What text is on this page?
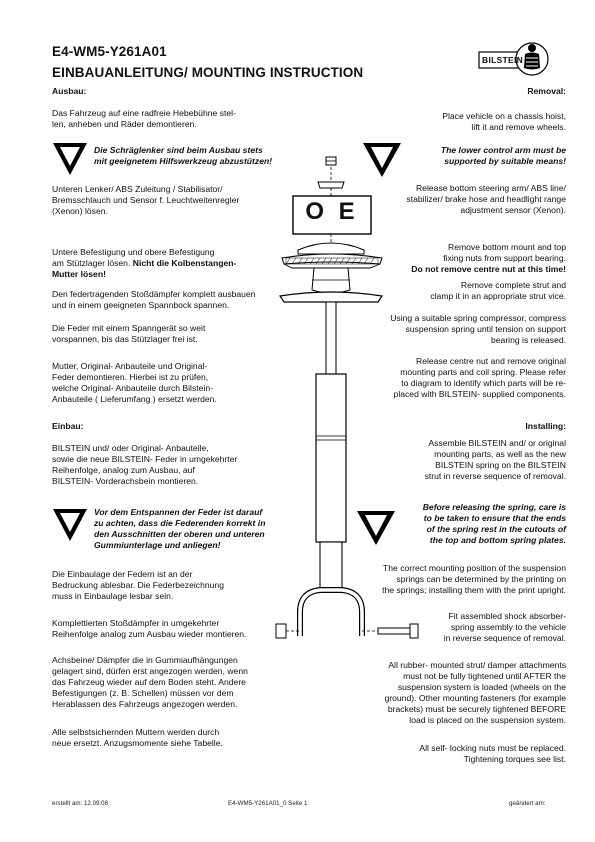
E4-WM5-Y261A01
EINBAUANLEITUNG/ MOUNTING INSTRUCTION
BILSTEIN
Ausbau:
Das Fahrzeug auf eine radfreie Hebebühne stel-
len, anheben und Räder demontieren.
Die Schräglenker sind beim Ausbau stets
mit geeignetem Hilfswerkzeug abzustützen!
Unteren Lenker/ ABS Zuleitung / Stabilisator/
Bremsschlauch und Sensor f. Leuchtweitenregler
(Xenon) lösen.

Untere Befestigung und obere Befestigung
am Stützlager lösen. Nicht die Kolbenstangen-
Mutter lösen!

Den federtragenden Stoßdämpfer komplett ausbauen
und in einem geeigneten Spannbock spannen.
Die Feder mit einem Spanngerät so weit
vorspannen, bis das Stützlager frei ist.
Mutter, Original- Anbauteile und Original-
Feder demontieren. Hierbei ist zu prüfen,
welche Original- Anbauteile durch Bilstein-
Anbauteile ( Lieferumfang ) ersetzt werden.
Einbau:
BILSTEIN und/ oder Original- Anbauteile,
sowie die neue BILSTEIN- Feder in umgekehrter
Reihenfolge, analog zum Ausbau, auf
BILSTEIN- Vorderachsbein montieren.
Vor dem Entspannen der Feder ist darauf
zu achten, dass die Federenden korrekt in
den Ausschnitten der oberen und unteren
Gummiunterlage und anliegen!
Die Einbaulage der Federn ist an der
Bedruckung ablesbar. Die Federbezeichnung
muss in Einbaulage lesbar sein.
Komplettierten Stoßdämpfer in umgekehrter
Reihenfolge analog zum Ausbau wieder montieren.
Achsbeine/ Dämpfer die in Gummiaufhängungen
gelagert sind, dürfen erst angezogen werden, wenn
das Fahrzeug wieder auf dem Boden steht. Andere
Befestigungen (z. B. Schellen) müssen vor dem
Herablassen des Fahrzeugs angezogen werden.
Alle selbstsichernden Muttern werden durch
neue ersetzt. Anzugsmomente siehe Tabelle.
Removal:
Place vehicle on a chassis hoist,
lift it and remove wheels.
The lower control arm must be
supported by suitable means!
Release bottom steering arm/ ABS line/
stabilizer/ brake hose and headlight range
adjustment sensor (Xenon).

Remove bottom mount and top
fixing nuts from support bearing.
Do not remove centre nut at this time!

Remove complete strut and
clamp it in an appropriate strut vice.
Using a suitable spring compressor, compress
suspension spring until tension on support
bearing is released.
Release centre nut and remove original
mounting parts and coil spring. Please refer
to diagram to identify which parts will be re-
placed with BILSTEIN- supplied components.
Installing:
Assemble BILSTEIN and/ or original
mounting parts, as well as the new
BILSTEIN spring on the BILSTEIN
strut in reverse sequence of removal.
Before releasing the spring, care is
to be taken to ensure that the ends
of the spring rest in the cutouts of
the top and bottom spring plates.
The correct mounting position of the suspension
springs can be determined by the printing on
the springs; installing them with the print upright.
Fit assembled shock absorber-
spring assembly to the vehicle
in reverse sequence of removal.
All rubber- mounted strut/ damper attachments
must not be fully tightened until AFTER the
suspension system is loaded (wheels on the
ground). Other mounting fasteners (for example
brackets) must be securely tightened BEFORE
load is placed on the suspension system.
All self- locking nuts must be replaced.
Tightening torques see list.
O E
erstellt am: 12.09.08	E4-WM5-Y261A01_0 Seite 1	geändert am:
